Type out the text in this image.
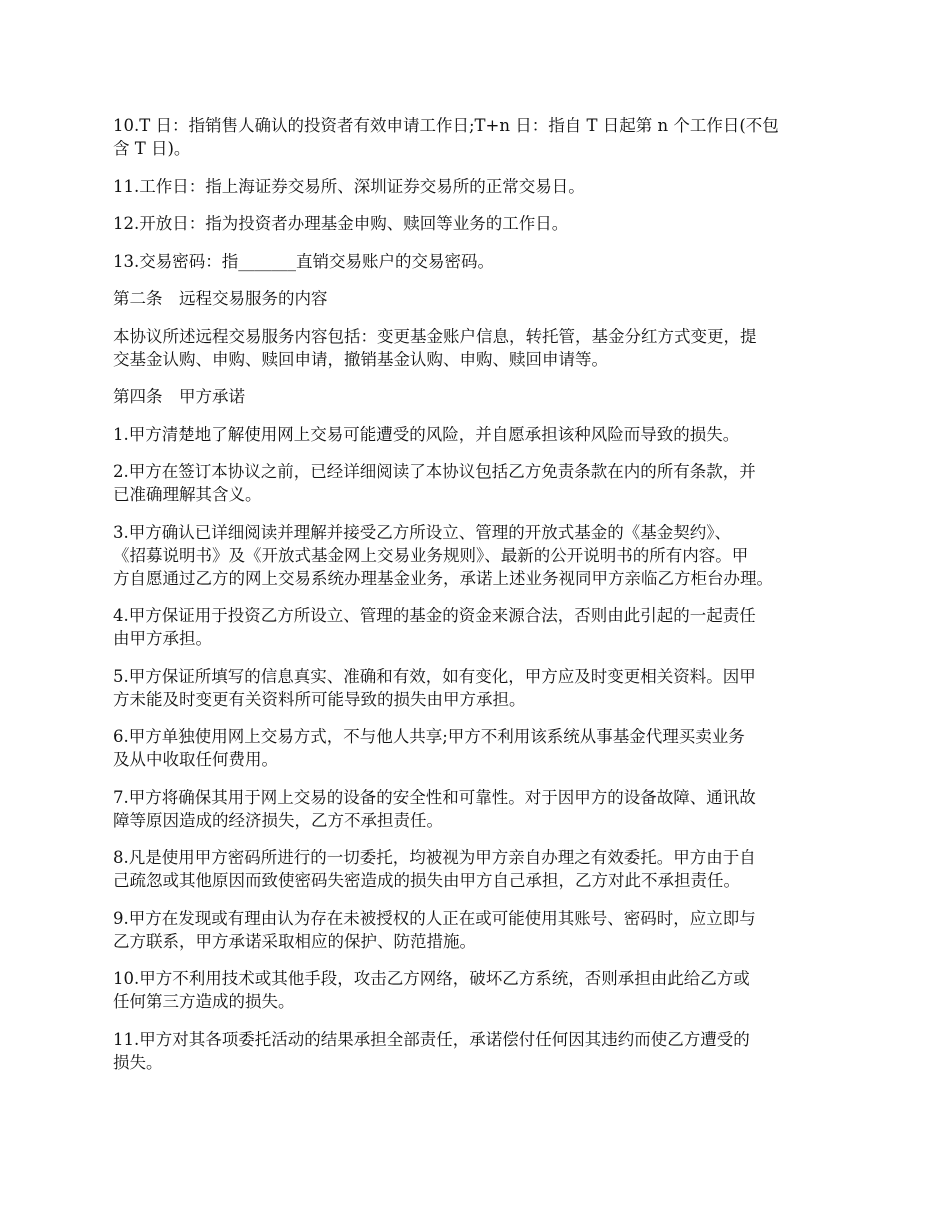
10.T 日：指销售人确认的投资者有效申请工作日;T+n 日：指自 T 日起第 n 个工作日(不包
含 T 日)。

11.工作日：指上海证券交易所、深圳证券交易所的正常交易日。

12.开放日：指为投资者办理基金申购、赎回等业务的工作日。

13.交易密码：指_______直销交易账户的交易密码。

第二条　远程交易服务的内容

本协议所述远程交易服务内容包括：变更基金账户信息，转托管，基金分红方式变更，提
交基金认购、申购、赎回申请，撤销基金认购、申购、赎回申请等。

第四条　甲方承诺

1.甲方清楚地了解使用网上交易可能遭受的风险，并自愿承担该种风险而导致的损失。

2.甲方在签订本协议之前，已经详细阅读了本协议包括乙方免责条款在内的所有条款，并
已准确理解其含义。

3.甲方确认已详细阅读并理解并接受乙方所设立、管理的开放式基金的《基金契约》、
《招募说明书》及《开放式基金网上交易业务规则》、最新的公开说明书的所有内容。甲
方自愿通过乙方的网上交易系统办理基金业务，承诺上述业务视同甲方亲临乙方柜台办理。

4.甲方保证用于投资乙方所设立、管理的基金的资金来源合法，否则由此引起的一起责任
由甲方承担。

5.甲方保证所填写的信息真实、准确和有效，如有变化，甲方应及时变更相关资料。因甲
方未能及时变更有关资料所可能导致的损失由甲方承担。

6.甲方单独使用网上交易方式，不与他人共享;甲方不利用该系统从事基金代理买卖业务
及从中收取任何费用。

7.甲方将确保其用于网上交易的设备的安全性和可靠性。对于因甲方的设备故障、通讯故
障等原因造成的经济损失，乙方不承担责任。

8.凡是使用甲方密码所进行的一切委托，均被视为甲方亲自办理之有效委托。甲方由于自
己疏忽或其他原因而致使密码失密造成的损失由甲方自己承担，乙方对此不承担责任。

9.甲方在发现或有理由认为存在未被授权的人正在或可能使用其账号、密码时，应立即与
乙方联系，甲方承诺采取相应的保护、防范措施。

10.甲方不利用技术或其他手段，攻击乙方网络，破坏乙方系统，否则承担由此给乙方或
任何第三方造成的损失。

11.甲方对其各项委托活动的结果承担全部责任，承诺偿付任何因其违约而使乙方遭受的
损失。
